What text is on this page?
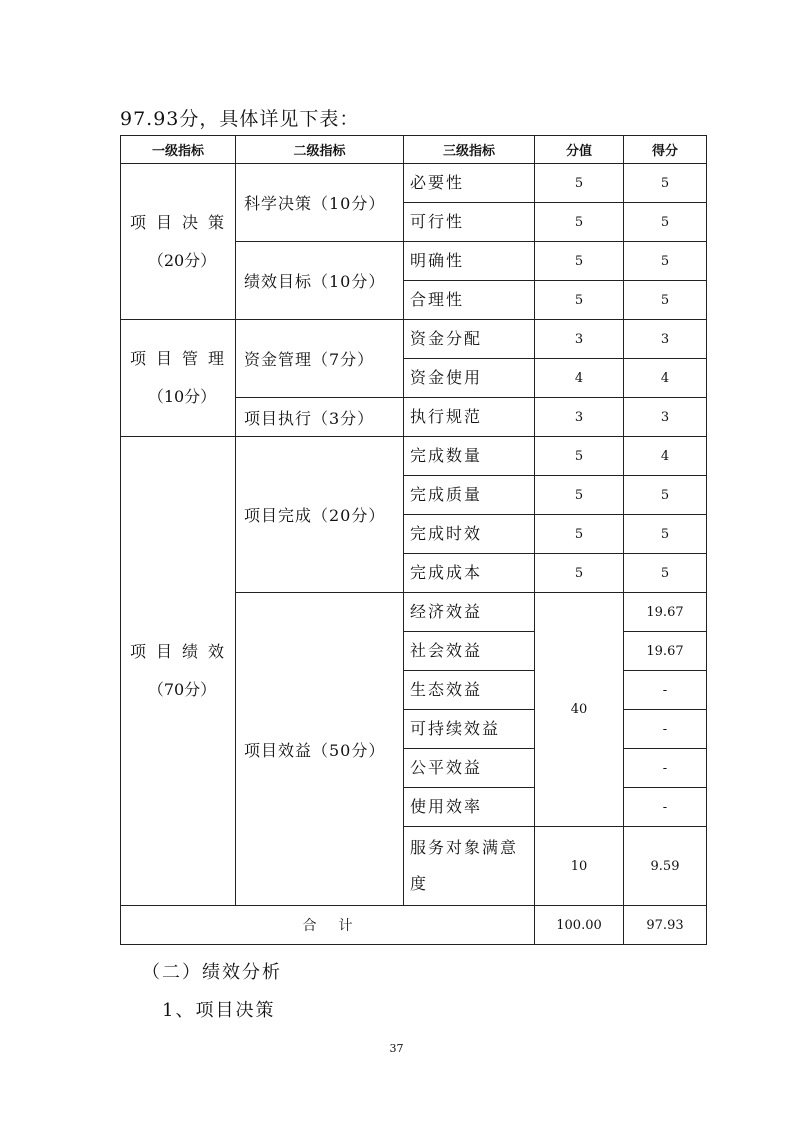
97.93分，具体详见下表：
一级指标	二级指标	三级指标	分值	得分

项目决策
（20分）	科学决策（10分）	必要性	5	5
		可行性	5	5
	绩效目标（10分）	明确性	5	5
		合理性	5	5

项目管理
（10分）	资金管理（7分）	资金分配	3	3
		资金使用	4	4
	项目执行（3分）	执行规范	3	3

项目绩效
（70分）	项目完成（20分）	完成数量	5	4
		完成质量	5	5
		完成时效	5	5
		完成成本	5	5
	项目效益（50分）	经济效益	40	19.67
		社会效益		19.67
		生态效益		-
		可持续效益		-
		公平效益		-
		使用效率		-
		服务对象满意度	10	9.59
合计			100.00	97.93
（二）绩效分析
1、项目决策
37
